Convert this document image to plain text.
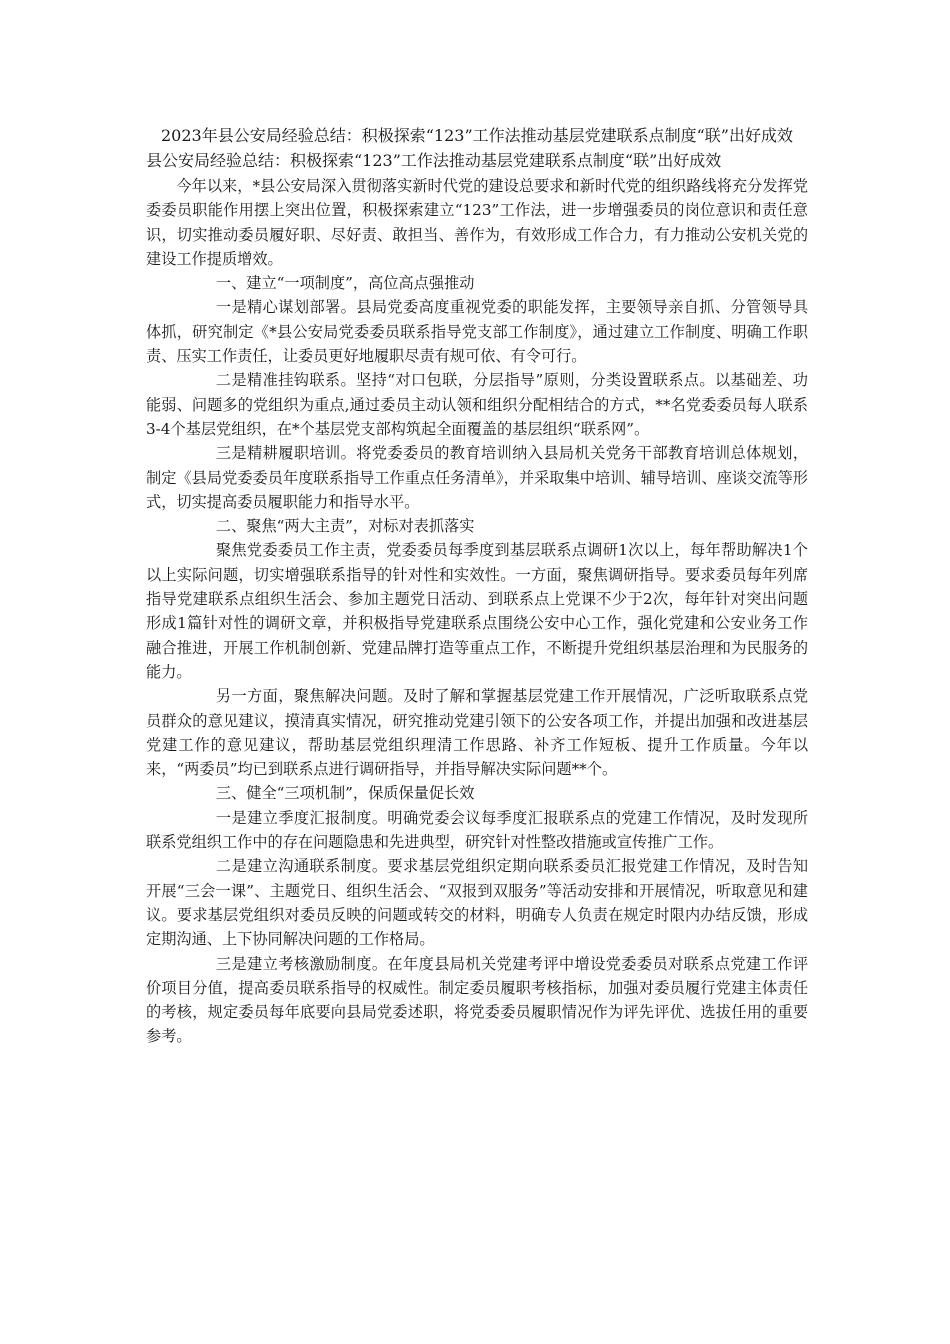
2023年县公安局经验总结：积极探索“123”工作法推动基层党建联系点制度“联”出好成效
县公安局经验总结：积极探索“123”工作法推动基层党建联系点制度“联”出好成效

今年以来，*县公安局深入贯彻落实新时代党的建设总要求和新时代党的组织路线将充分发挥党委委员职能作用摆上突出位置，积极探索建立“123”工作法，进一步增强委员的岗位意识和责任意识，切实推动委员履好职、尽好责、敢担当、善作为，有效形成工作合力，有力推动公安机关党的建设工作提质增效。

一、建立“一项制度”，高位高点强推动

一是精心谋划部署。县局党委高度重视党委的职能发挥，主要领导亲自抓、分管领导具体抓，研究制定《*县公安局党委委员联系指导党支部工作制度》，通过建立工作制度、明确工作职责、压实工作责任，让委员更好地履职尽责有规可依、有令可行。

二是精准挂钩联系。坚持“对口包联，分层指导”原则，分类设置联系点。以基础差、功能弱、问题多的党组织为重点,通过委员主动认领和组织分配相结合的方式，**名党委委员每人联系3-4个基层党组织，在*个基层党支部构筑起全面覆盖的基层组织“联系网”。

三是精耕履职培训。将党委委员的教育培训纳入县局机关党务干部教育培训总体规划，制定《县局党委委员年度联系指导工作重点任务清单》，并采取集中培训、辅导培训、座谈交流等形式，切实提高委员履职能力和指导水平。

二、聚焦“两大主责”，对标对表抓落实

聚焦党委委员工作主责，党委委员每季度到基层联系点调研1次以上，每年帮助解决1个以上实际问题，切实增强联系指导的针对性和实效性。一方面，聚焦调研指导。要求委员每年列席指导党建联系点组织生活会、参加主题党日活动、到联系点上党课不少于2次，每年针对突出问题形成1篇针对性的调研文章，并积极指导党建联系点围绕公安中心工作，强化党建和公安业务工作融合推进，开展工作机制创新、党建品牌打造等重点工作，不断提升党组织基层治理和为民服务的能力。

另一方面，聚焦解决问题。及时了解和掌握基层党建工作开展情况，广泛听取联系点党员群众的意见建议，摸清真实情况，研究推动党建引领下的公安各项工作，并提出加强和改进基层党建工作的意见建议，帮助基层党组织理清工作思路、补齐工作短板、提升工作质量。今年以来，“两委员”均已到联系点进行调研指导，并指导解决实际问题**个。

三、健全“三项机制”，保质保量促长效

一是建立季度汇报制度。明确党委会议每季度汇报联系点的党建工作情况，及时发现所联系党组织工作中的存在问题隐患和先进典型，研究针对性整改措施或宣传推广工作。

二是建立沟通联系制度。要求基层党组织定期向联系委员汇报党建工作情况，及时告知开展“三会一课”、主题党日、组织生活会、“双报到双服务”等活动安排和开展情况，听取意见和建议。要求基层党组织对委员反映的问题或转交的材料，明确专人负责在规定时限内办结反馈，形成定期沟通、上下协同解决问题的工作格局。

三是建立考核激励制度。在年度县局机关党建考评中增设党委委员对联系点党建工作评价项目分值，提高委员联系指导的权威性。制定委员履职考核指标，加强对委员履行党建主体责任的考核，规定委员每年底要向县局党委述职，将党委委员履职情况作为评先评优、选拔任用的重要参考。
